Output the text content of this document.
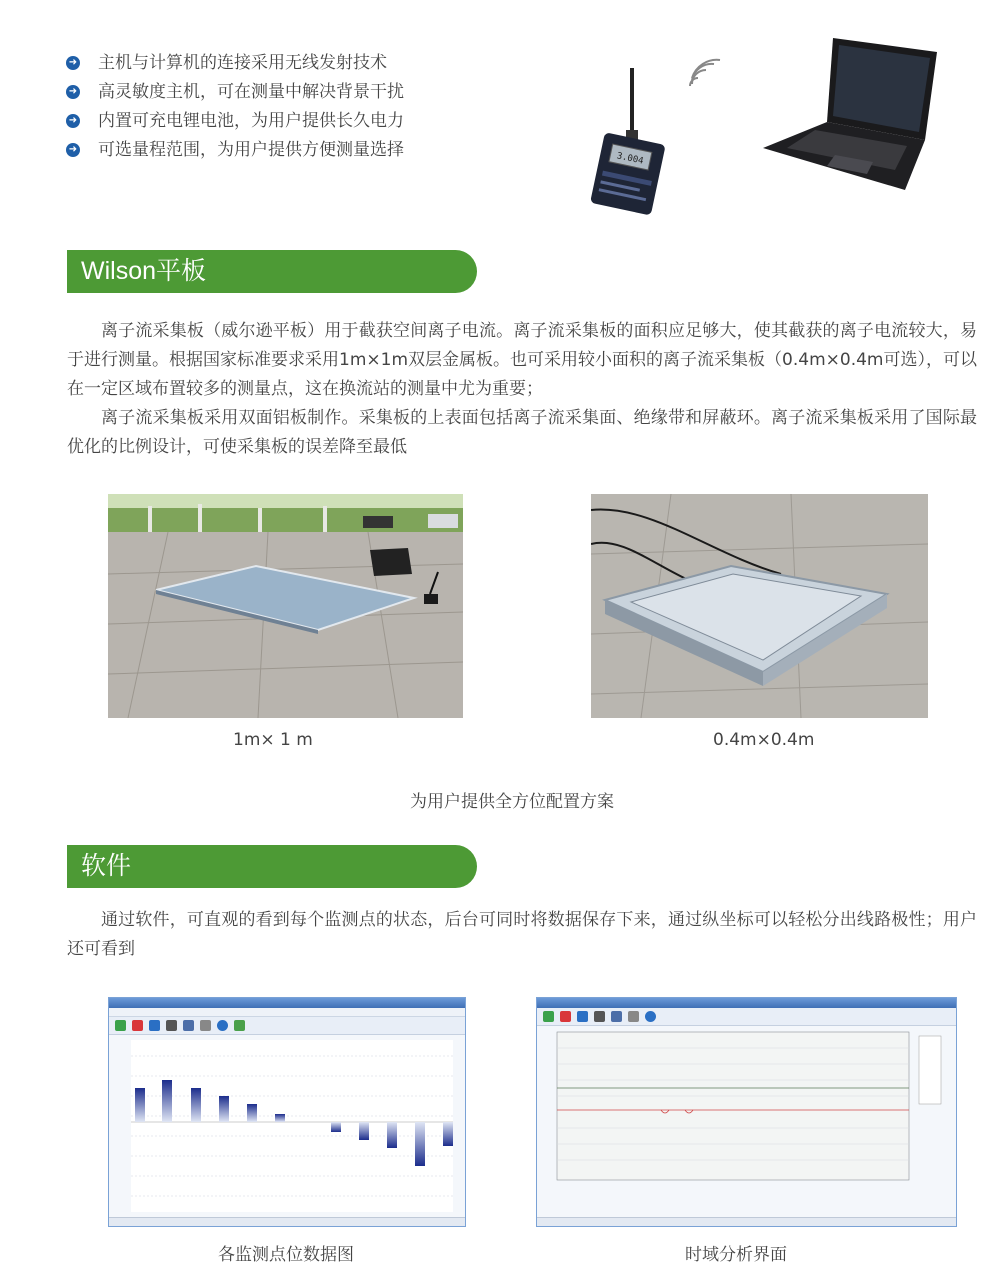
➜ 主机与计算机的连接采用无线发射技术
➜ 高灵敏度主机，可在测量中解决背景干扰
➜ 内置可充电锂电池，为用户提供长久电力
➜ 可选量程范围，为用户提供方便测量选择	3.004
Wilson平板

离子流采集板（威尔逊平板）用于截获空间离子电流。离子流采集板的面积应足够大，使其截获的离子电流较大，易于进行测量。根据国家标准要求采用1m×1m双层金属板。也可采用较小面积的离子流采集板（0.4m×0.4m可选），可以在一定区域布置较多的测量点，这在换流站的测量中尤为重要；

离子流采集板采用双面铝板制作。采集板的上表面包括离子流采集面、绝缘带和屏蔽环。离子流采集板采用了国际最优化的比例设计，可使采集板的误差降至最低

1m× 1 m	0.4m×0.4m
为用户提供全方位配置方案
软件

通过软件，可直观的看到每个监测点的状态，后台可同时将数据保存下来，通过纵坐标可以轻松分出线路极性；用户还可看到

各监测点位数据图	时域分析界面
